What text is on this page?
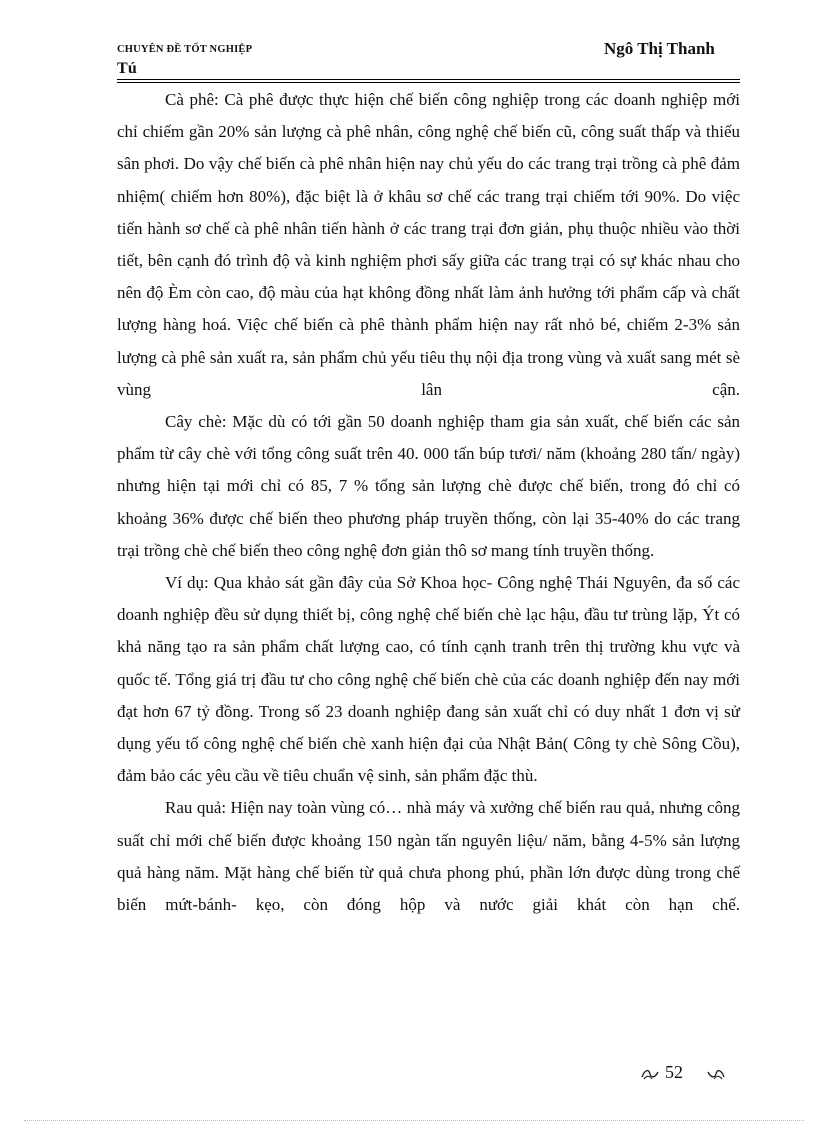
CHUYÊN ĐỀ TỐT NGHIỆP	Ngô Thị Thanh
Tú

Cà phê: Cà phê được thực hiện chế biến công nghiệp trong các doanh nghiệp mới chỉ chiếm gần 20% sản lượng cà phê nhân, công nghệ chế biến cũ, công suất thấp và thiếu sân phơi. Do vậy chế biến cà phê nhân hiện nay chủ yếu do các trang trại trồng cà phê đảm nhiệm( chiếm hơn 80%), đặc biệt là ở khâu sơ chế các trang trại chiếm tới 90%. Do việc tiến hành sơ chế cà phê nhân tiến hành ở các trang trại đơn giản, phụ thuộc nhiều vào thời tiết, bên cạnh đó trình độ và kinh nghiệm phơi sấy giữa các trang trại có sự khác nhau cho nên độ Èm còn cao, độ màu của hạt không đồng nhất làm ảnh hưởng tới phẩm cấp và chất lượng hàng hoá. Việc chế biến cà phê thành phẩm hiện nay rất nhỏ bé, chiếm 2-3% sản lượng cà phê sản xuất ra, sản phẩm chủ yếu tiêu thụ nội địa trong vùng và xuất sang mét sè vùng lân cận.

Cây chè: Mặc dù có tới gần 50 doanh nghiệp tham gia sản xuất, chế biến các sản phẩm từ cây chè với tổng công suất trên 40. 000 tấn búp tươi/ năm (khoảng 280 tấn/ ngày) nhưng hiện tại mới chỉ có 85, 7 % tổng sản lượng chè được chế biến, trong đó chỉ có khoảng 36% được chế biến theo phương pháp truyền thống, còn lại 35-40% do các trang trại trồng chè chế biến theo công nghệ đơn giản thô sơ mang tính truyền thống.

Ví dụ: Qua khảo sát gần đây của Sở Khoa học- Công nghệ Thái Nguyên, đa số các doanh nghiệp đều sử dụng thiết bị, công nghệ chế biến chè lạc hậu, đầu tư trùng lặp, Ýt có khả năng tạo ra sản phẩm chất lượng cao, có tính cạnh tranh trên thị trường khu vực và quốc tế. Tổng giá trị đầu tư cho công nghệ chế biến chè của các doanh nghiệp đến nay mới đạt hơn 67 tỷ đồng. Trong số 23 doanh nghiệp đang sản xuất chỉ có duy nhất 1 đơn vị sử dụng yếu tố công nghệ chế biến chè xanh hiện đại của Nhật Bản( Công ty chè Sông Cồu), đảm bảo các yêu cầu về tiêu chuẩn vệ sinh, sản phẩm đặc thù.

Rau quả: Hiện nay toàn vùng có… nhà máy và xưởng chế biến rau quả, nhưng công suất chỉ mới chế biến được khoảng 150 ngàn tấn nguyên liệu/ năm, bằng 4-5% sản lượng quả hàng năm. Mặt hàng chế biến từ quả chưa phong phú, phần lớn được dùng trong chế biến mứt-bánh- kẹo, còn đóng hộp và nước giải khát còn hạn chế.

52
